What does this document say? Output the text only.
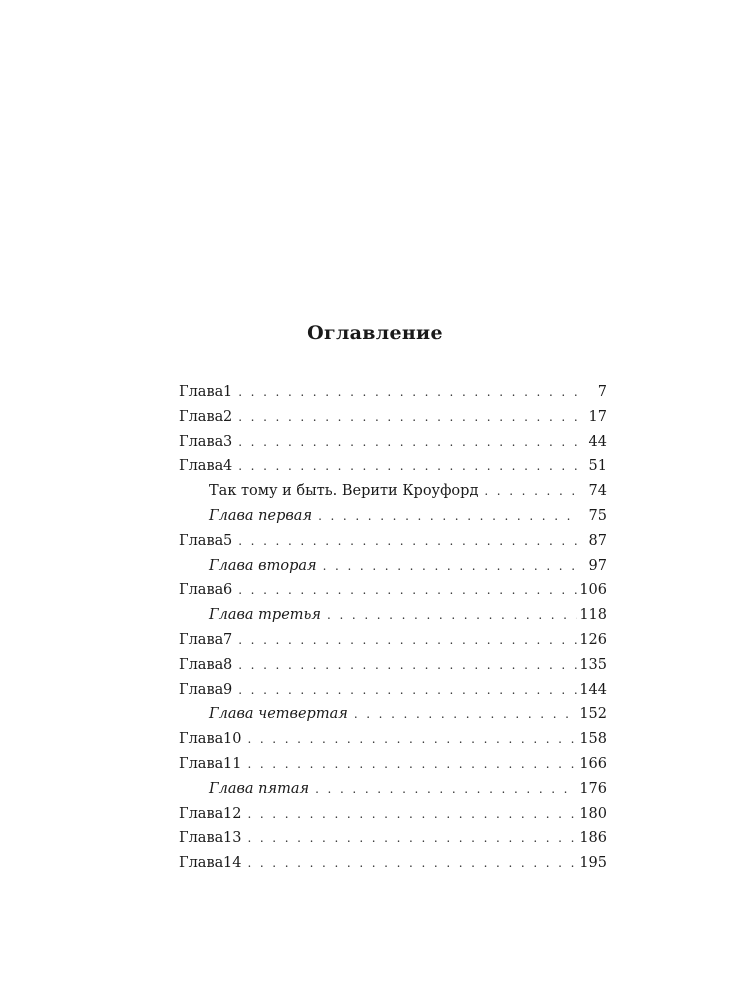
Оглавление
Глава1 . . .	7
Глава2 . . .	17
Глава3 . . .	44
Глава4 . . .	51
Так тому и быть. Верити Кроуфорд . . .	74
Глава первая . . .	75
Глава5 . . .	87
Глава вторая . . .	97
Глава6 . . .	106
Глава третья . . .	118
Глава7 . . .	126
Глава8 . . .	135
Глава9 . . .	144
Глава четвертая . . .	152
Глава10 . . .	158
Глава11 . . .	166
Глава пятая . . .	176
Глава12 . . .	180
Глава13 . . .	186
Глава14 . . .	195
